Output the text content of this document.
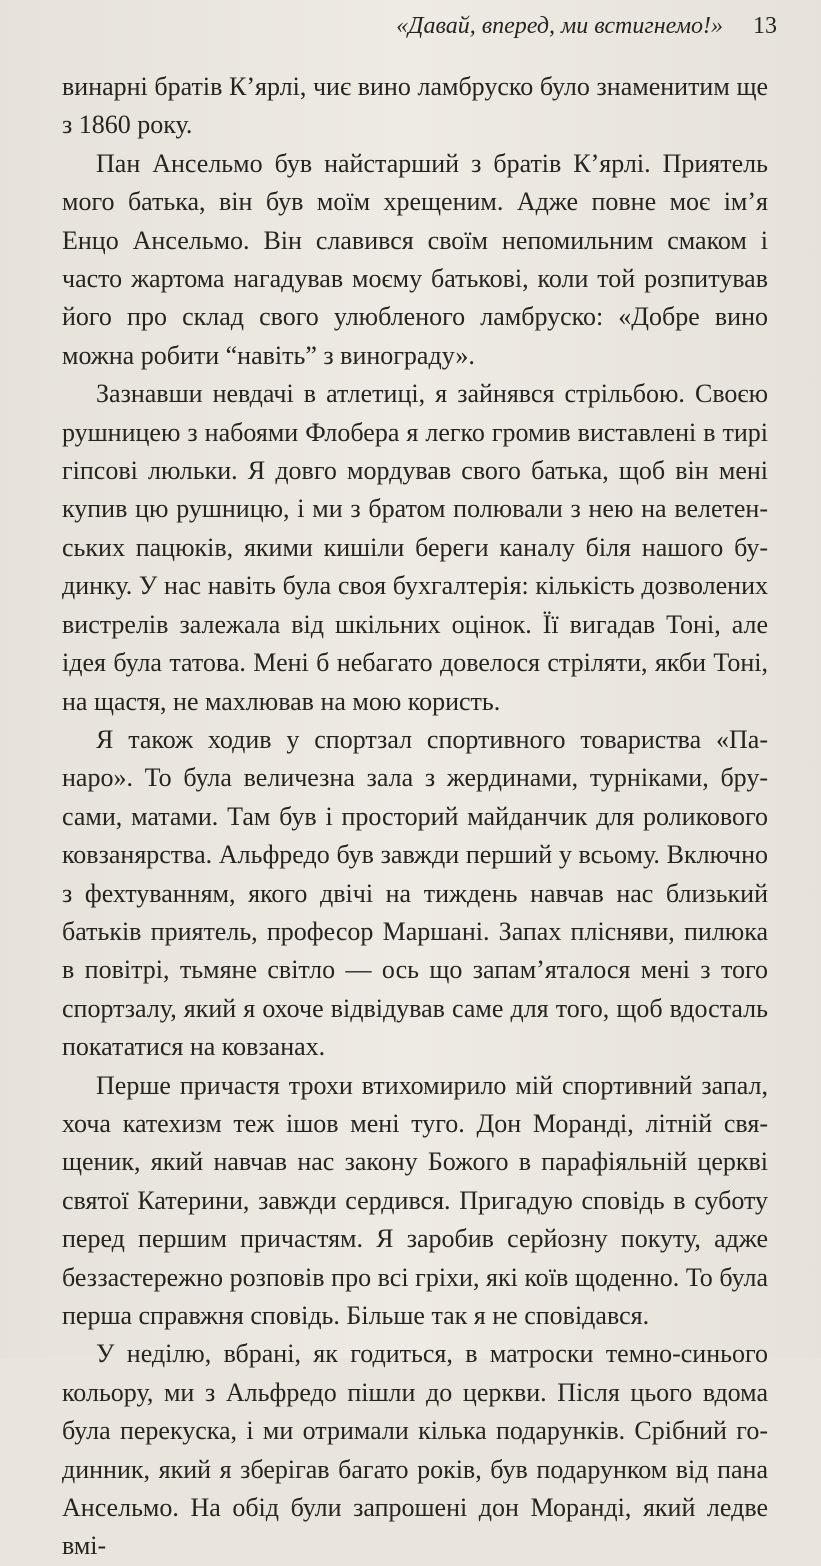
«Давай, вперед, ми встигнемо!» 13

винарні братів К’ярлі, чиє вино ламбруско було знаменитим ще з 1860 року.

Пан Ансельмо був найстарший з братів К’ярлі. Приятель мого батька, він був моїм хрещеним. Адже повне моє ім’я Енцо Ансельмо. Він славився своїм непомильним смаком і часто жартома нагадував моєму батькові, коли той розпитував його про склад свого улюбленого ламбруско: «Добре вино можна робити “навіть” з винограду».

Зазнавши невдачі в атлетиці, я зайнявся стрільбою. Своєю рушницею з набоями Флобера я легко громив виставлені в тирі гіпсові люльки. Я довго мордував свого батька, щоб він мені купив цю рушницю, і ми з братом полювали з нею на велетенських пацюків, якими кишіли береги каналу біля нашого будинку. У нас навіть була своя бухгалтерія: кількість дозволених вистрелів залежала від шкільних оцінок. Її вигадав Тоні, але ідея була татова. Мені б небагато довелося стріляти, якби Тоні, на щастя, не махлював на мою користь.

Я також ходив у спортзал спортивного товариства «Панаро». То була величезна зала з жердинами, турніками, брусами, матами. Там був і просторий майданчик для роликового ковзанярства. Альфредо був завжди перший у всьому. Включно з фехтуванням, якого двічі на тиждень навчав нас близький батьків приятель, професор Маршані. Запах плісняви, пилюка в повітрі, тьмяне світло — ось що запам’яталося мені з того спортзалу, який я охоче відвідував саме для того, щоб вдосталь покататися на ковзанах.

Перше причастя трохи втихомирило мій спортивний запал, хоча катехизм теж ішов мені туго. Дон Моранді, літній священик, який навчав нас закону Божого в парафіяльній церкві святої Катерини, завжди сердився. Пригадую сповідь в суботу перед першим причастям. Я заробив серйозну покуту, адже беззастережно розповів про всі гріхи, які коїв щоденно. То була перша справжня сповідь. Більше так я не сповідався.

У неділю, вбрані, як годиться, в матроски темно-синього кольору, ми з Альфредо пішли до церкви. Після цього вдома була перекуска, і ми отримали кілька подарунків. Срібний годинник, який я зберігав багато років, був подарунком від пана Ансельмо. На обід були запрошені дон Моранді, який ледве вмі-
